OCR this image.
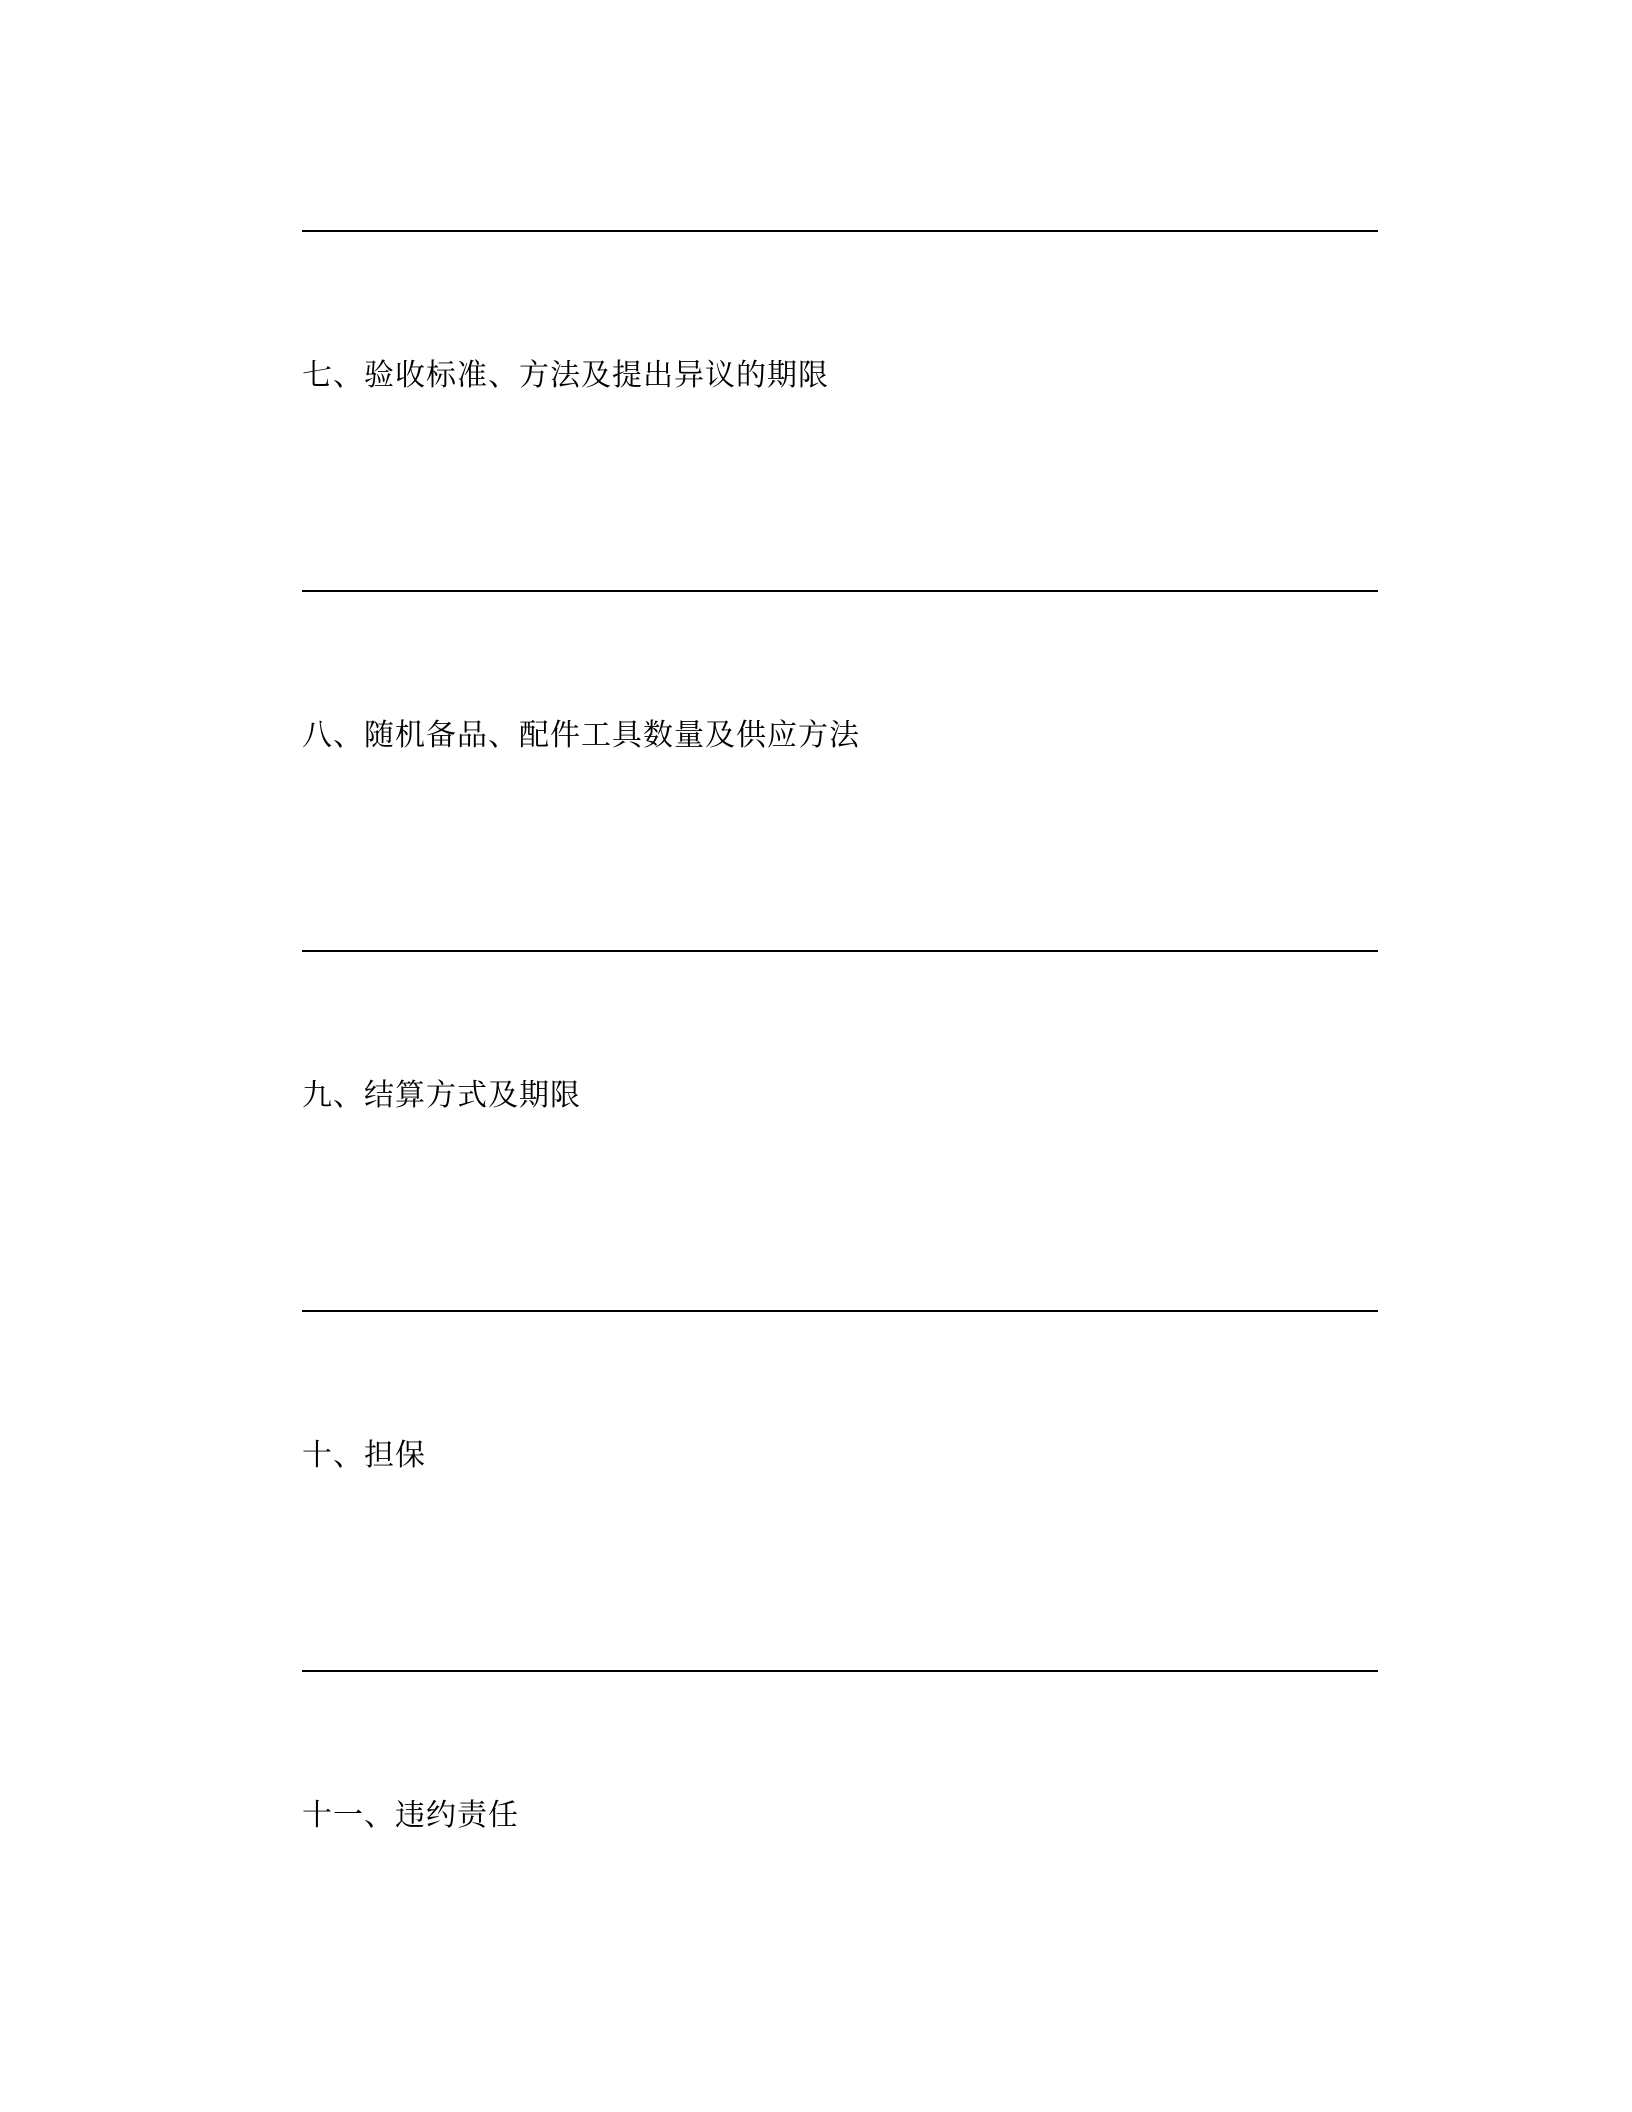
七、验收标准、方法及提出异议的期限
八、随机备品、配件工具数量及供应方法
九、结算方式及期限
十、担保
十一、违约责任
